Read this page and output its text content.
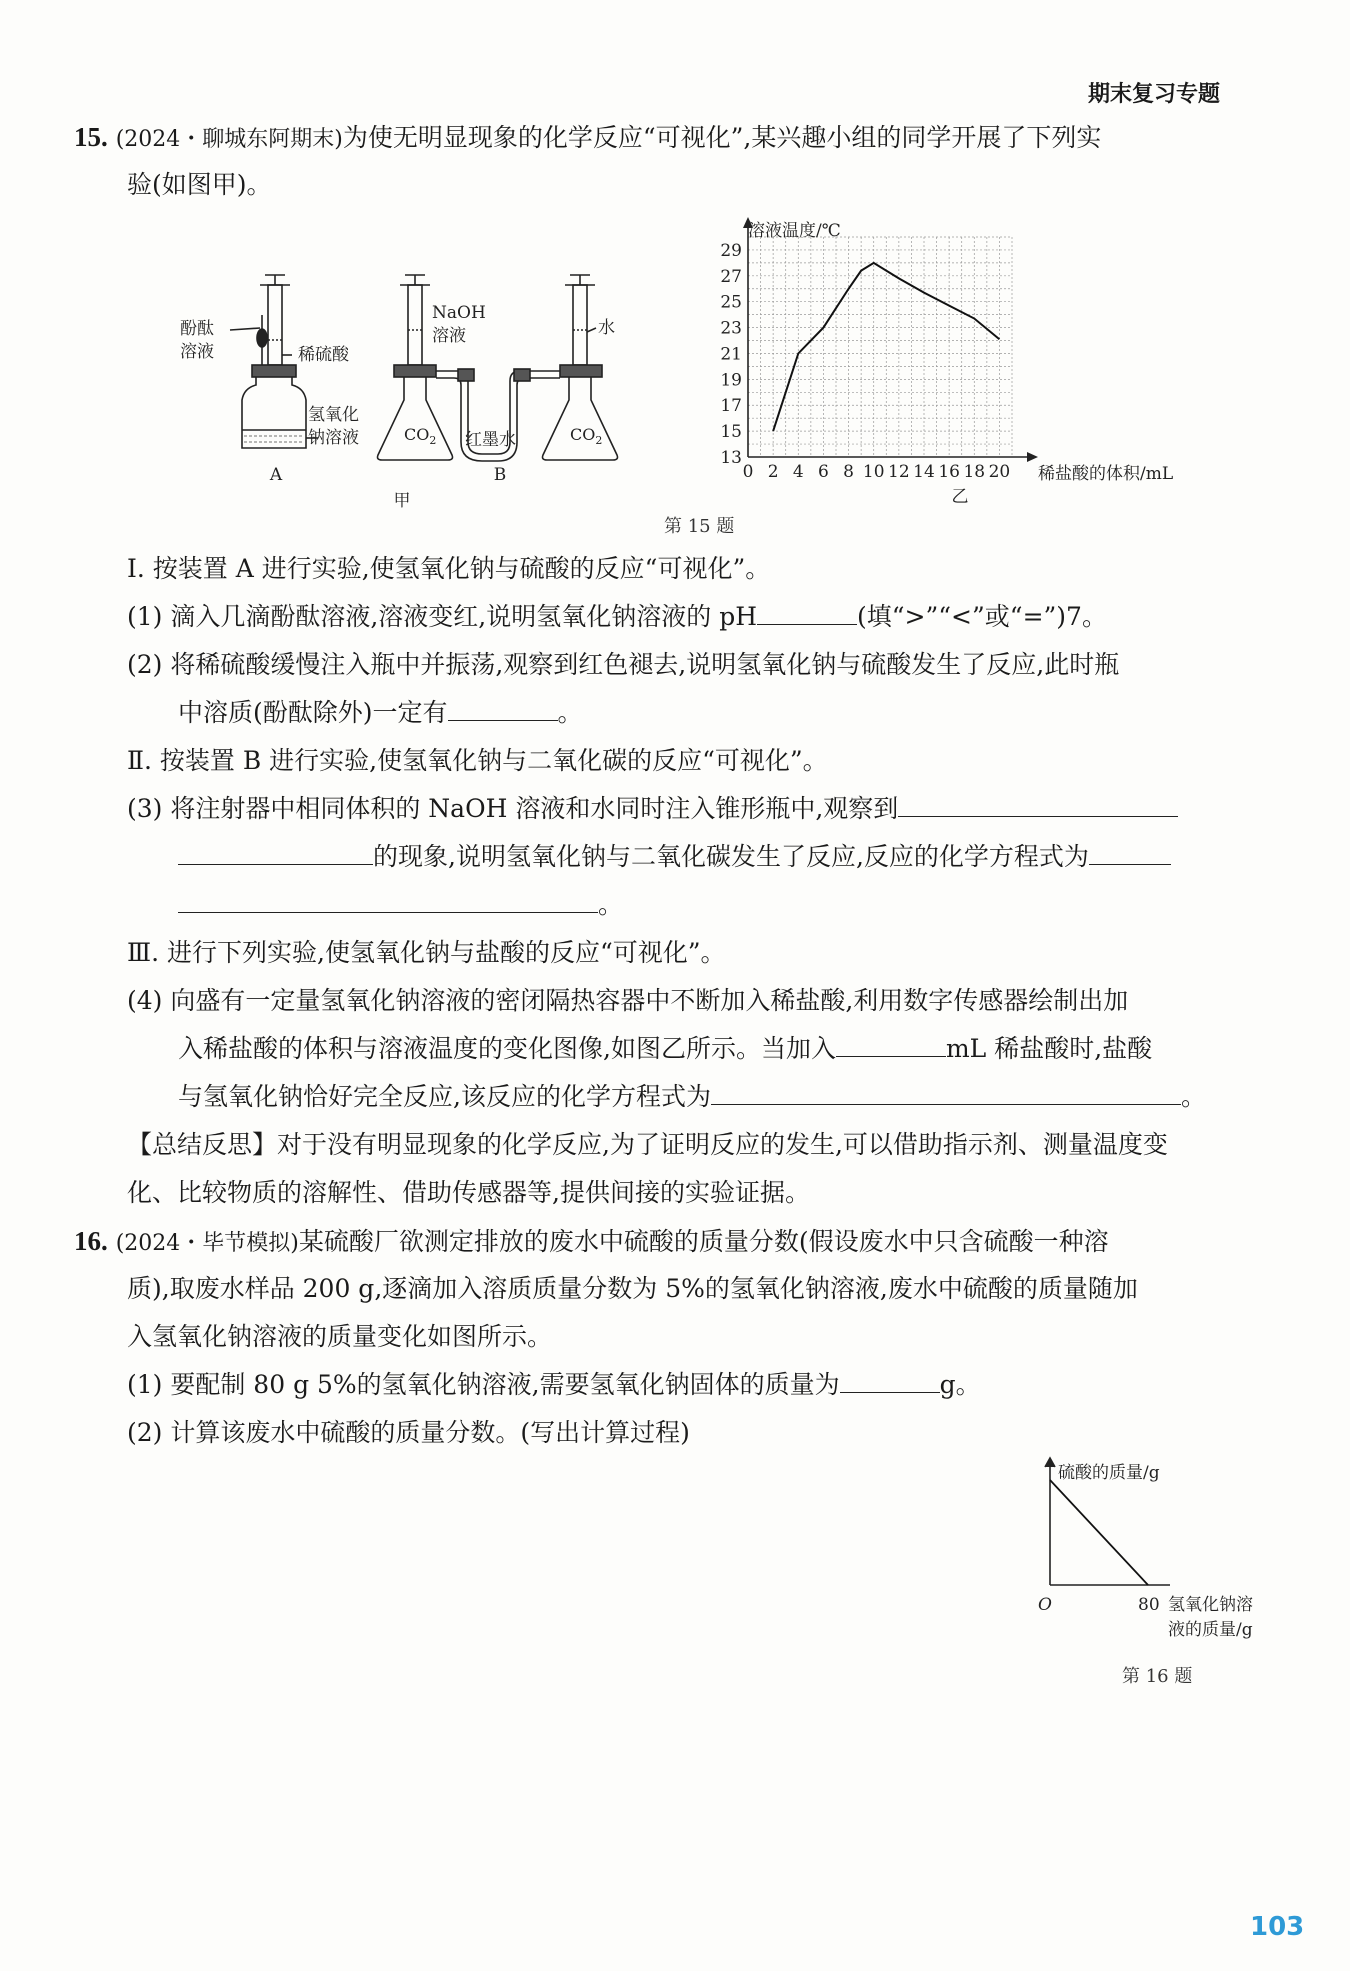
期末复习专题
15. (2024・聊城东阿期末)为使无明显现象的化学反应“可视化”,某兴趣小组的同学开展了下列实
验(如图甲)。
稀硫酸
酚酞
溶液
氢氧化
钠溶液
A
NaOH
溶液	水
$CO_2$	$CO_2$
红墨水
B
甲
13
15
17
19
21
23
25
27
29
0 2 4 6 8 10 12 14 16 18 20
溶液温度/℃
稀盐酸的体积/mL
乙
第 15 题
Ⅰ. 按装置 A 进行实验,使氢氧化钠与硫酸的反应“可视化”。
(1) 滴入几滴酚酞溶液,溶液变红,说明氢氧化钠溶液的 pH	(填“>”“<”或“=”)7。
(2) 将稀硫酸缓慢注入瓶中并振荡,观察到红色褪去,说明氢氧化钠与硫酸发生了反应,此时瓶
中溶质(酚酞除外)一定有	。
Ⅱ. 按装置 B 进行实验,使氢氧化钠与二氧化碳的反应“可视化”。
(3) 将注射器中相同体积的 NaOH 溶液和水同时注入锥形瓶中,观察到
的现象,说明氢氧化钠与二氧化碳发生了反应,反应的化学方程式为
。
Ⅲ. 进行下列实验,使氢氧化钠与盐酸的反应“可视化”。
(4) 向盛有一定量氢氧化钠溶液的密闭隔热容器中不断加入稀盐酸,利用数字传感器绘制出加
入稀盐酸的体积与溶液温度的变化图像,如图乙所示。当加入	mL 稀盐酸时,盐酸
与氢氧化钠恰好完全反应,该反应的化学方程式为	。
【总结反思】对于没有明显现象的化学反应,为了证明反应的发生,可以借助指示剂、测量温度变
化、比较物质的溶解性、借助传感器等,提供间接的实验证据。
16. (2024・毕节模拟)某硫酸厂欲测定排放的废水中硫酸的质量分数(假设废水中只含硫酸一种溶
质),取废水样品 200 g,逐滴加入溶质质量分数为 5%的氢氧化钠溶液,废水中硫酸的质量随加
入氢氧化钠溶液的质量变化如图所示。
(1) 要配制 80 g 5%的氢氧化钠溶液,需要氢氧化钠固体的质量为	g。
(2) 计算该废水中硫酸的质量分数。(写出计算过程)
硫酸的质量/g
O	80 氢氧化钠溶
液的质量/g
第 16 题
103
